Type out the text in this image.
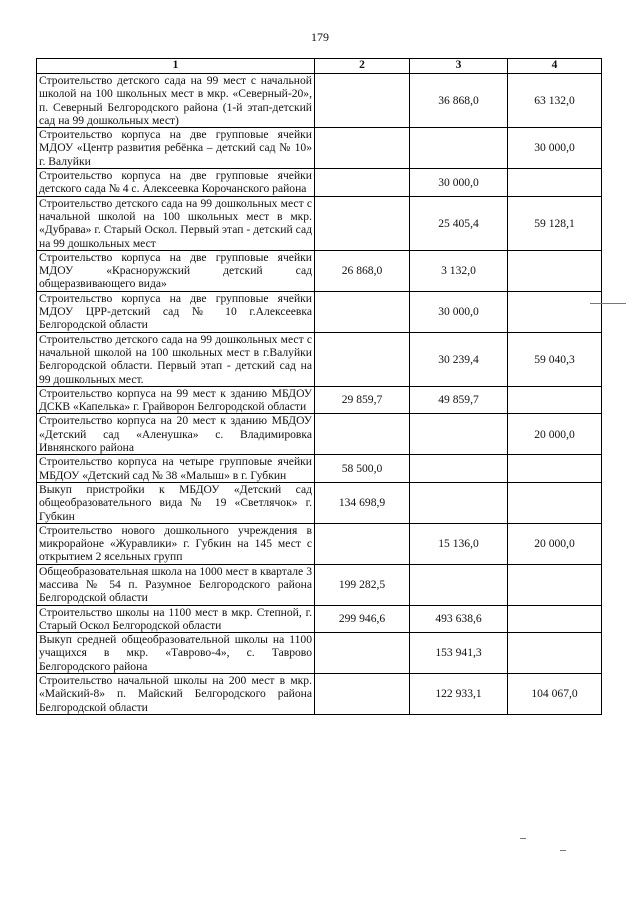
179
1	2	3	4
Строительство детского сада на 99 мест с начальной школой на 100 школьных мест в мкр. «Северный-20», п. Северный Белгородского района (1-й этап-детский сад на 99 дошкольных мест)		36 868,0	63 132,0
Строительство корпуса на две групповые ячейки МДОУ «Центр развития ребёнка – детский сад № 10» г. Валуйки			30 000,0
Строительство корпуса на две групповые ячейки детского сада № 4 с. Алексеевка Корочанского района		30 000,0	
Строительство детского сада на 99 дошкольных мест с начальной школой на 100 школьных мест в мкр. «Дубрава» г. Старый Оскол. Первый этап - детский сад на 99 дошкольных мест		25 405,4	59 128,1
Строительство корпуса на две групповые ячейки МДОУ «Красноружский детский сад общеразвивающего вида»	26 868,0	3 132,0	
Строительство корпуса на две групповые ячейки МДОУ ЦРР-детский сад № 10 г.Алексеевка Белгородской области		30 000,0	
Строительство детского сада на 99 дошкольных мест с начальной школой на 100 школьных мест в г.Валуйки Белгородской области. Первый этап - детский сад на 99 дошкольных мест.		30 239,4	59 040,3
Строительство корпуса на 99 мест к зданию МБДОУ ДСКВ «Капелька» г. Грайворон Белгородской области	29 859,7	49 859,7	
Строительство корпуса на 20 мест к зданию МБДОУ «Детский сад «Аленушка» с. Владимировка Ивнянского района			20 000,0
Строительство корпуса на четыре групповые ячейки МБДОУ «Детский сад № 38 «Малыш» в г. Губкин	58 500,0		
Выкуп пристройки к МБДОУ «Детский сад общеобразовательного вида № 19 «Светлячок» г. Губкин	134 698,9		
Строительство нового дошкольного учреждения в микрорайоне «Журавлики» г. Губкин на 145 мест с открытием 2 ясельных групп		15 136,0	20 000,0
Общеобразовательная школа на 1000 мест в квартале 3 массива № 54 п. Разумное Белгородского района Белгородской области	199 282,5		
Строительство школы на 1100 мест в мкр. Степной, г. Старый Оскол Белгородской области	299 946,6	493 638,6	
Выкуп средней общеобразовательной школы на 1100 учащихся в мкр. «Таврово-4», с. Таврово Белгородского района		153 941,3	
Строительство начальной школы на 200 мест в мкр. «Майский-8» п. Майский Белгородского района Белгородской области		122 933,1	104 067,0
